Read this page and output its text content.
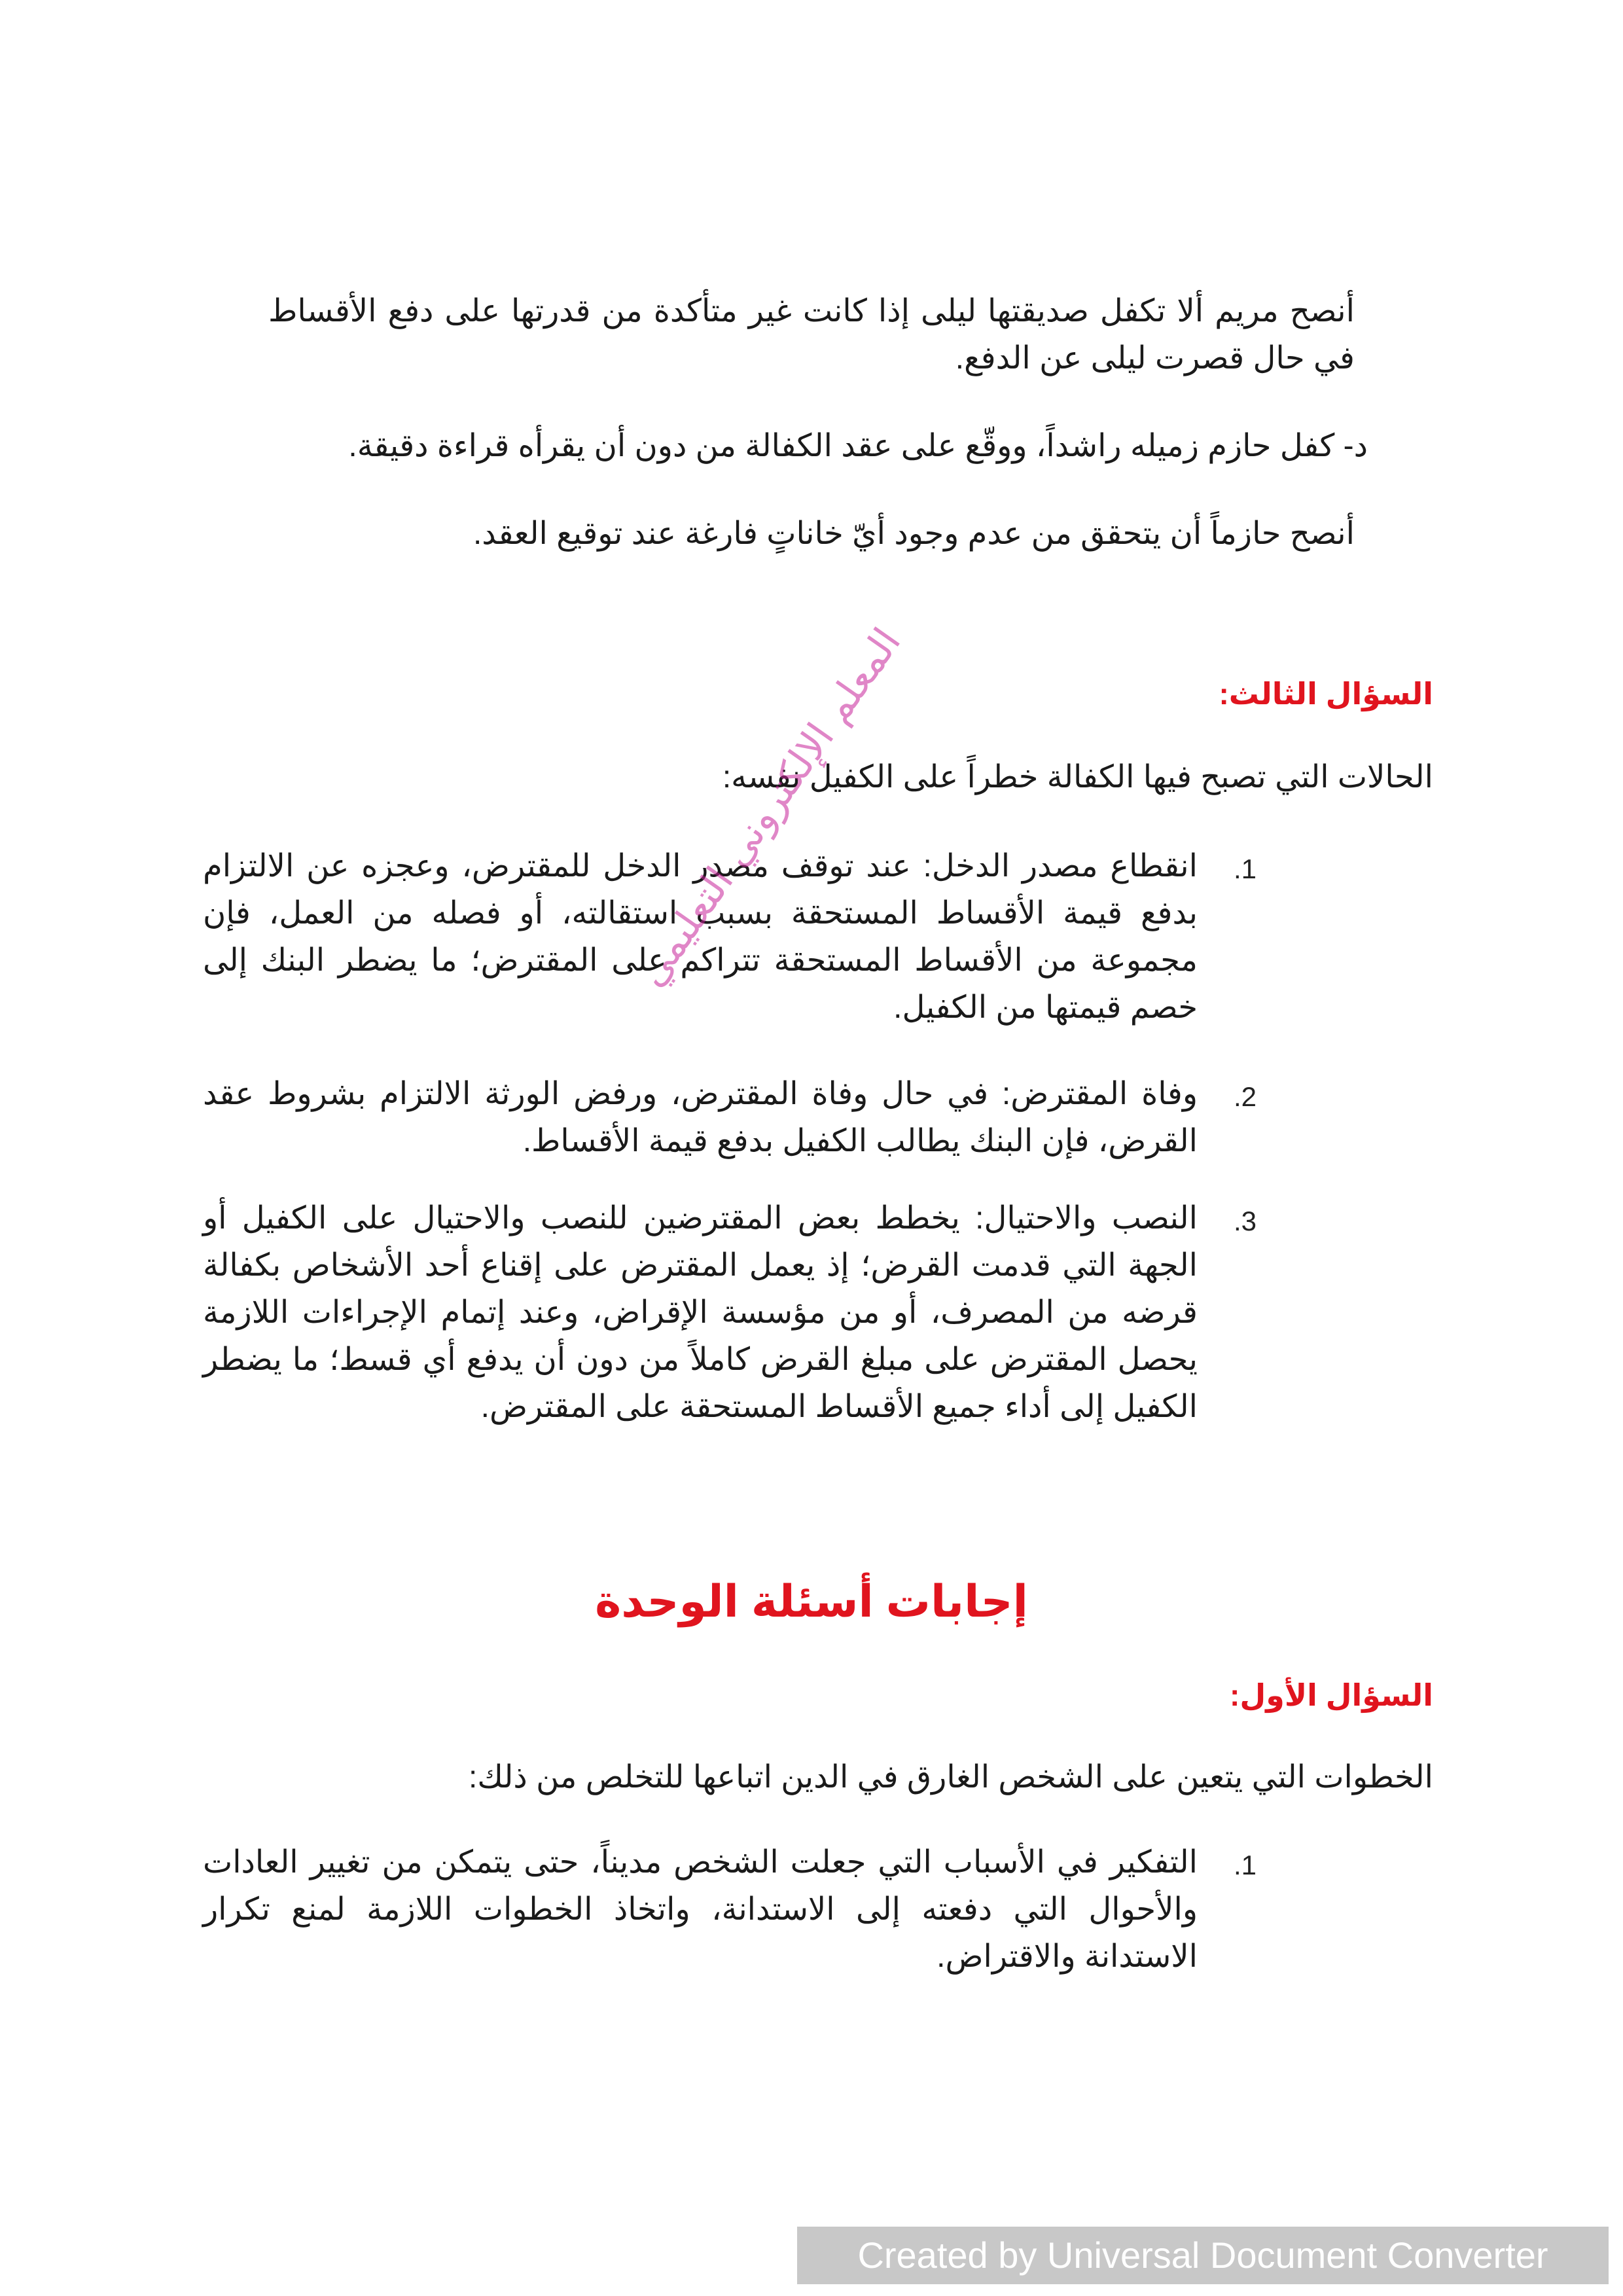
أنصح مريم ألا تكفل صديقتها ليلى إذا كانت غير متأكدة من قدرتها على دفع الأقساط في حال قصرت ليلى عن الدفع.

د- كفل حازم زميله راشداً، ووقّع على عقد الكفالة من دون أن يقرأه قراءة دقيقة.

أنصح حازماً أن يتحقق من عدم وجود أيّ خاناتٍ فارغة عند توقيع العقد.

السؤال الثالث:

الحالات التي تصبح فيها الكفالة خطراً على الكفيل نفسه:

1.
انقطاع مصدر الدخل: عند توقف مصدر الدخل للمقترض، وعجزه عن الالتزام بدفع قيمة الأقساط المستحقة بسبب استقالته، أو فصله من العمل، فإن مجموعة من الأقساط المستحقة تتراكم على المقترض؛ ما يضطر البنك إلى خصم قيمتها من الكفيل.
2.
وفاة المقترض: في حال وفاة المقترض، ورفض الورثة الالتزام بشروط عقد القرض، فإن البنك يطالب الكفيل بدفع قيمة الأقساط.
3.
النصب والاحتيال: يخطط بعض المقترضين للنصب والاحتيال على الكفيل أو الجهة التي قدمت القرض؛ إذ يعمل المقترض على إقناع أحد الأشخاص بكفالة قرضه من المصرف، أو من مؤسسة الإقراض، وعند إتمام الإجراءات اللازمة يحصل المقترض على مبلغ القرض كاملاً من دون أن يدفع أي قسط؛ ما يضطر الكفيل إلى أداء جميع الأقساط المستحقة على المقترض.
إجابات أسئلة الوحدة
السؤال الأول:

الخطوات التي يتعين على الشخص الغارق في الدين اتباعها للتخلص من ذلك:

1.
التفكير في الأسباب التي جعلت الشخص مديناً، حتى يتمكن من تغيير العادات والأحوال التي دفعته إلى الاستدانة، واتخاذ الخطوات اللازمة لمنع تكرار الاستدانة والاقتراض.
المعلم الإلكتروني التعليمي
Created by Universal Document Converter
